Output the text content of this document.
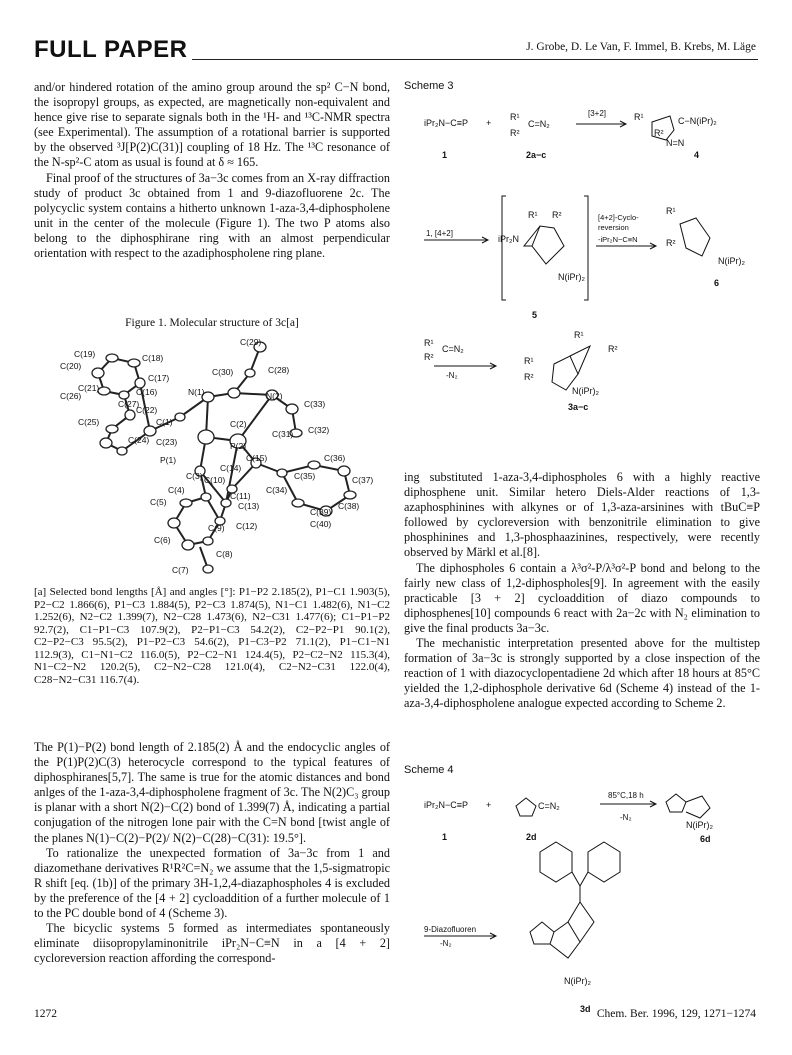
FULL PAPER	J. Grobe, D. Le Van, F. Immel, B. Krebs, M. Läge

and/or hindered rotation of the amino group around the sp² C−N bond, the isopropyl groups, as expected, are magnetically non-equivalent and hence give rise to separate signals both in the ¹H- and ¹³C-NMR spectra (see Experimental). The assumption of a rotational barrier is supported by the observed ³J[P(2)C(31)] coupling of 18 Hz. The ¹³C resonance of the N-sp²-C atom as usual is found at δ ≈ 165.

Final proof of the structures of 3a−3c comes from an X-ray diffraction study of product 3c obtained from 1 and 9-diazofluorene 2c. The polycyclic system contains a hitherto unknown 1-aza-3,4-diphospholene unit in the center of the molecule (Figure 1). The two P atoms also belong to the diphosphirane ring with an almost perpendicular orientation with respect to the azadiphospholene ring plane.

Figure 1. Molecular structure of 3c[a]
C(19)
C(20)
C(18)
C(29)
C(30)	C(28)
C(17)
C(21)	N(1)	N(2)
C(26)	C(16)
C(27)
C(22)
C(33)
C(1)	C(2)
C(25)
C(31) C(32)
C(24) C(23)	P(2)
P(1)	C(15)
C(14)
C(36)
C(35)
C(3) C(10)
C(34)
C(37)
C(4)
C(11)
C(38)
C(5)	C(13)
C(39)
C(40)
C(12)
C(9)
C(6)
C(8)
C(7)
[a] Selected bond lengths [Å] and angles [°]: P1−P2 2.185(2), P1−C1 1.903(5), P2−C2 1.866(6), P1−C3 1.884(5), P2−C3 1.874(5), N1−C1 1.482(6), N1−C2 1.252(6), N2−C2 1.399(7), N2−C28 1.473(6), N2−C31 1.477(6); C1−P1−P2 92.7(2), C1−P1−C3 107.9(2), P2−P1−C3 54.2(2), C2−P2−P1 90.1(2), C2−P2−C3 95.5(2), P1−P2−C3 54.6(2), P1−C3−P2 71.1(2), P1−C1−N1 112.9(3), C1−N1−C2 116.0(5), P2−C2−N1 124.4(5), P2−C2−N2 115.3(4), N1−C2−N2 120.2(5), C2−N2−C28 121.0(4), C2−N2−C31 122.0(4), C28−N2−C31 116.7(4).

The P(1)−P(2) bond length of 2.185(2) Å and the endocyclic angles of the P(1)P(2)C(3) heterocycle correspond to the typical features of diphosphiranes[5,7]. The same is true for the atomic distances and bond anlges of the 1-aza-3,4-diphospholene fragment of 3c. The N(2)C₃ group is planar with a short N(2)−C(2) bond of 1.399(7) Å, indicating a partial conjugation of the nitrogen lone pair with the C=N bond [twist angle of the planes N(1)−C(2)−P(2)/ N(2)−C(28)−C(31): 19.5°].

To rationalize the unexpected formation of 3a−3c from 1 and diazomethane derivatives R¹R²C=N₂ we assume that the 1,5-sigmatropic R shift [eq. (1b)] of the primary 3H-1,2,4-diazaphospholes 4 is excluded by the preference of the [4 + 2] cycloaddition of a further molecule of 1 to the PC double bond of 4 (Scheme 3).

The bicyclic systems 5 formed as intermediates spontaneously eliminate diisopropylaminonitrile iPr₂N−C≡N in a [4 + 2] cycloreversion reaction affording the correspond-

Scheme 3
iPr₂N−C≡P +
R¹
R²
C=N₂
[3+2]	R¹
R²
C−N(iPr)₂
N=N
1	2a−c	4
1, [4+2]
R¹ R²
iPr₂N
N(iPr)₂
5
[4+2]-Cyclo-
reversion
-iPr₂N−C≡N
R¹
R²
N(iPr)₂
6
R¹
R²
C=N₂
-N₂
R¹
R²
R¹
R²
N(iPr)₂
3a−c

ing substituted 1-aza-3,4-diphospholes 6 with a highly reactive diphosphene unit. Similar hetero Diels-Alder reactions of 1,3-azaphosphinines with alkynes or of 1,3-aza-arsinines with tBuC≡P followed by cycloreversion with benzonitrile elimination to give phosphinines and 1,3-phosphaazinines, respectively, were recently observed by Märkl et al.[8].

The diphospholes 6 contain a λ³σ²-P/λ³σ²-P bond and belong to the fairly new class of 1,2-diphospholes[9]. In agreement with the easily practicable [3 + 2] cycloaddition of diazo compounds to diphosphenes[10] compounds 6 react with 2a−2c with N₂ elimination to give the final products 3a−3c.

The mechanistic interpretation presented above for the multistep formation of 3a−3c is strongly supported by a close inspection of the reaction of 1 with diazocyclopentadiene 2d which after 18 hours at 85°C yielded the 1,2-diphosphole derivative 6d (Scheme 4) instead of the 1-aza-3,4-diphospholene analogue expected according to Scheme 2.

Scheme 4
iPr₂N−C≡P +	C=N₂
85°C,18 h
-N₂
N(iPr)₂
1	2d	6d
9-Diazofluoren
-N₂
N(iPr)₂
3d
1272	Chem. Ber. 1996, 129, 1271−1274
